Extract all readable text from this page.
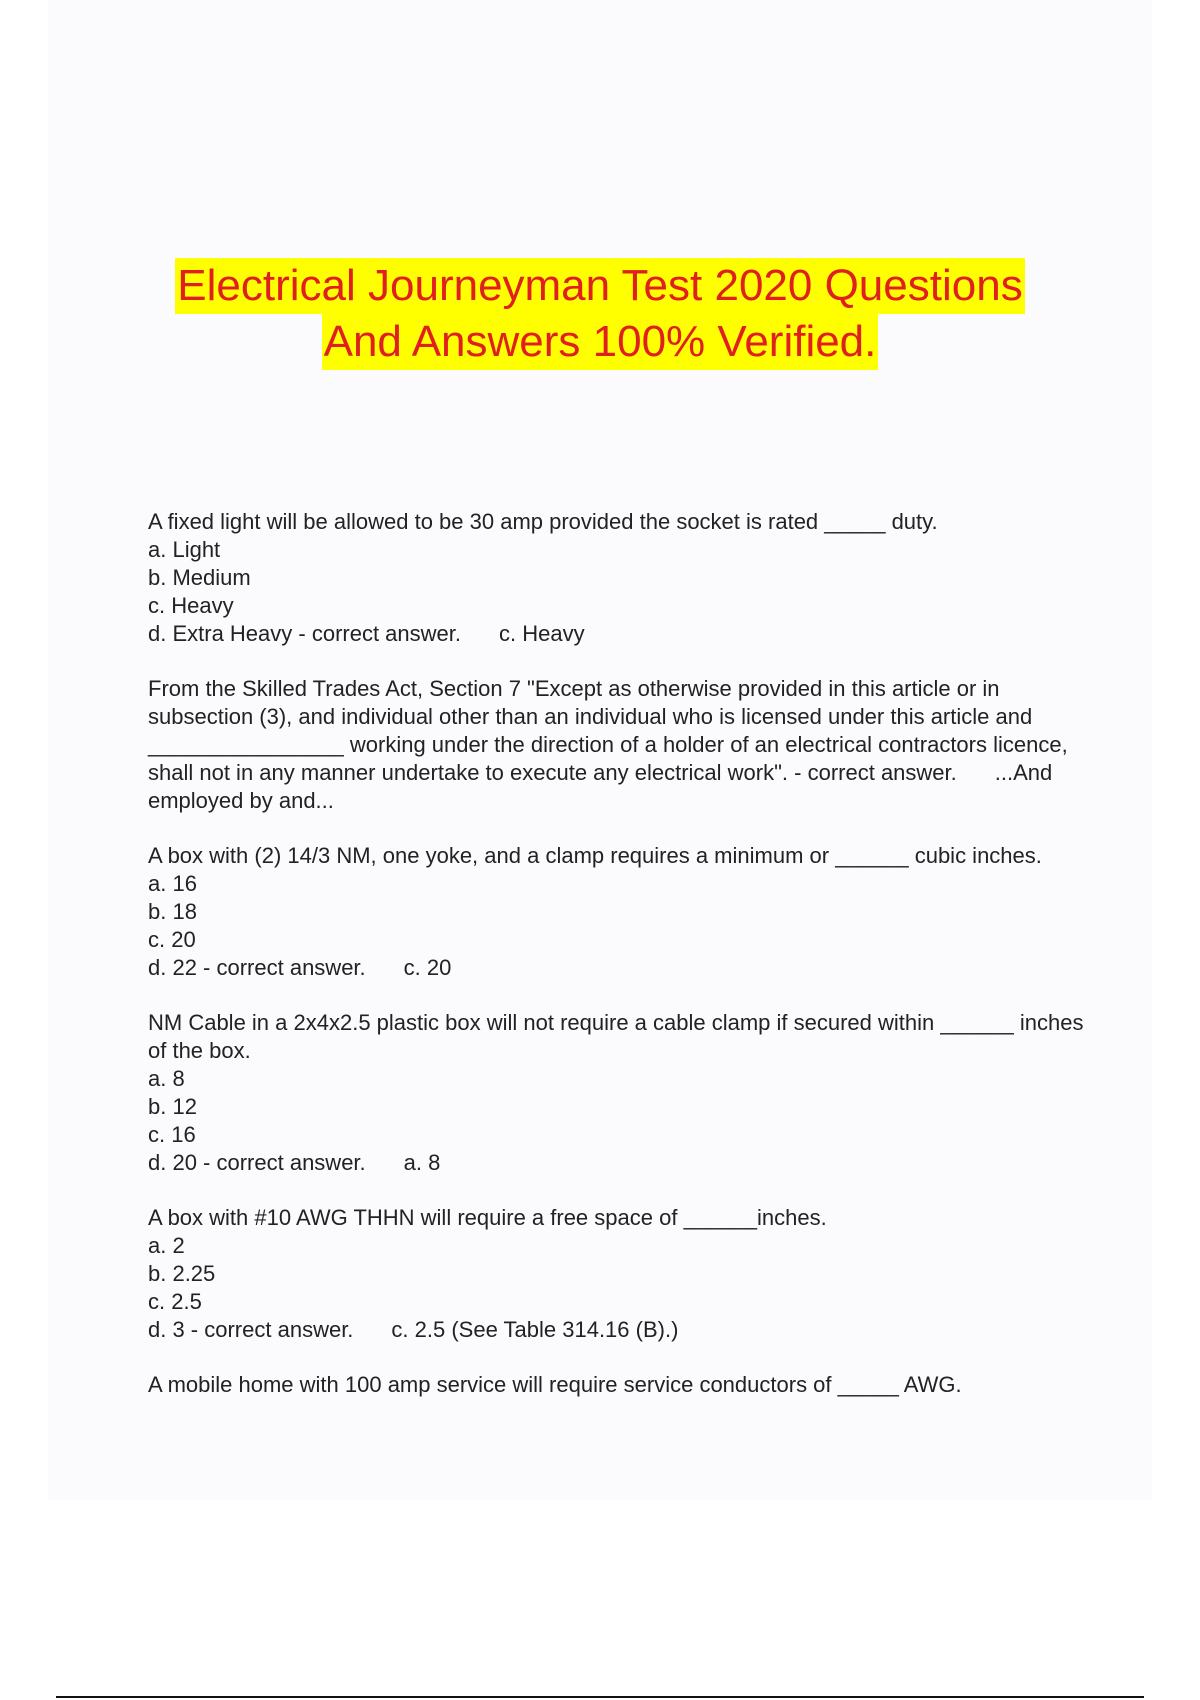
Electrical Journeyman Test 2020 Questions
And Answers 100% Verified.

A fixed light will be allowed to be 30 amp provided the socket is rated _____ duty.

a. Light

b. Medium

c. Heavy

d. Extra Heavy - correct answer. c. Heavy

From the Skilled Trades Act, Section 7 "Except as otherwise provided in this article or in subsection (3), and individual other than an individual who is licensed under this article and ________________ working under the direction of a holder of an electrical contractors licence, shall not in any manner undertake to execute any electrical work". - correct answer. ...And employed by and...

A box with (2) 14/3 NM, one yoke, and a clamp requires a minimum or ______ cubic inches.

a. 16

b. 18

c. 20

d. 22 - correct answer. c. 20

NM Cable in a 2x4x2.5 plastic box will not require a cable clamp if secured within ______ inches of the box.

a. 8

b. 12

c. 16

d. 20 - correct answer. a. 8

A box with #10 AWG THHN will require a free space of ______inches.

a. 2

b. 2.25

c. 2.5

d. 3 - correct answer. c. 2.5 (See Table 314.16 (B).)

A mobile home with 100 amp service will require service conductors of _____ AWG.
